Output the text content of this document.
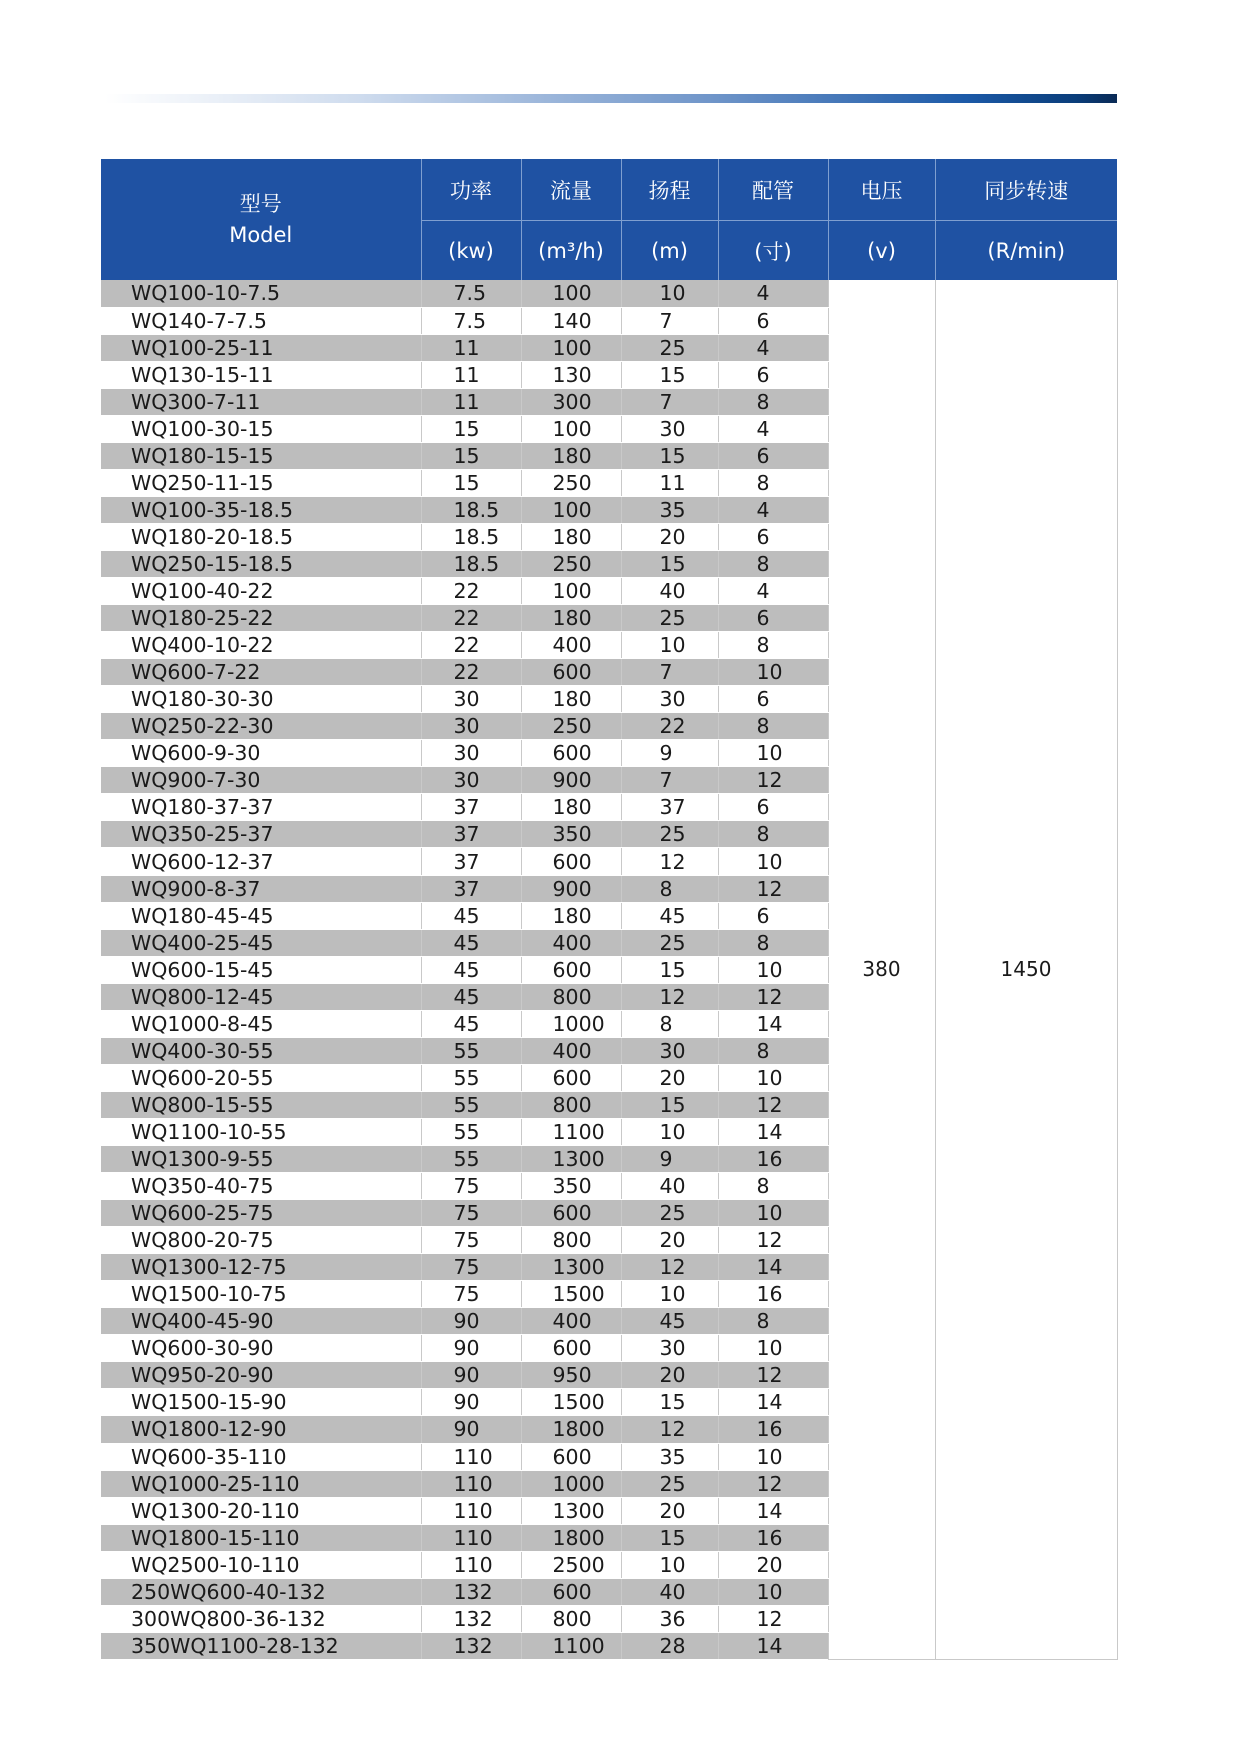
型号
Model	功率	流量	扬程	配管	电压	同步转速
	(kw)	(m³/h)	(m)	(寸)	(v)	(R/min)
WQ100-10-7.5	7.5	100	10	4	380	1450
WQ140-7-7.5	7.5	140	7	6		
WQ100-25-11	11	100	25	4		
WQ130-15-11	11	130	15	6		
WQ300-7-11	11	300	7	8		
WQ100-30-15	15	100	30	4		
WQ180-15-15	15	180	15	6		
WQ250-11-15	15	250	11	8		
WQ100-35-18.5	18.5	100	35	4		
WQ180-20-18.5	18.5	180	20	6		
WQ250-15-18.5	18.5	250	15	8		
WQ100-40-22	22	100	40	4		
WQ180-25-22	22	180	25	6		
WQ400-10-22	22	400	10	8		
WQ600-7-22	22	600	7	10		
WQ180-30-30	30	180	30	6		
WQ250-22-30	30	250	22	8		
WQ600-9-30	30	600	9	10		
WQ900-7-30	30	900	7	12		
WQ180-37-37	37	180	37	6		
WQ350-25-37	37	350	25	8		
WQ600-12-37	37	600	12	10		
WQ900-8-37	37	900	8	12		
WQ180-45-45	45	180	45	6		
WQ400-25-45	45	400	25	8		
WQ600-15-45	45	600	15	10		
WQ800-12-45	45	800	12	12		
WQ1000-8-45	45	1000	8	14		
WQ400-30-55	55	400	30	8		
WQ600-20-55	55	600	20	10		
WQ800-15-55	55	800	15	12		
WQ1100-10-55	55	1100	10	14		
WQ1300-9-55	55	1300	9	16		
WQ350-40-75	75	350	40	8		
WQ600-25-75	75	600	25	10		
WQ800-20-75	75	800	20	12		
WQ1300-12-75	75	1300	12	14		
WQ1500-10-75	75	1500	10	16		
WQ400-45-90	90	400	45	8		
WQ600-30-90	90	600	30	10		
WQ950-20-90	90	950	20	12		
WQ1500-15-90	90	1500	15	14		
WQ1800-12-90	90	1800	12	16		
WQ600-35-110	110	600	35	10		
WQ1000-25-110	110	1000	25	12		
WQ1300-20-110	110	1300	20	14		
WQ1800-15-110	110	1800	15	16		
WQ2500-10-110	110	2500	10	20		
250WQ600-40-132	132	600	40	10		
300WQ800-36-132	132	800	36	12		
350WQ1100-28-132	132	1100	28	14		
